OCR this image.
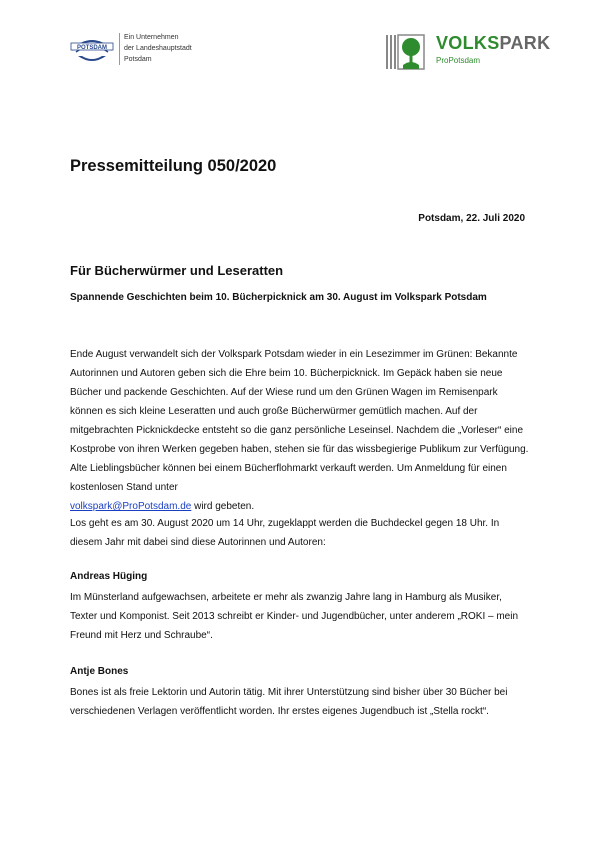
POTSDAM
Ein Unternehmen
der Landeshauptstadt
Potsdam
VOLKSPARK
ProPotsdam
Pressemitteilung 050/2020
Potsdam, 22. Juli 2020
Für Bücherwürmer und Leseratten
Spannende Geschichten beim 10. Bücherpicknick am 30. August im Volkspark Potsdam
Ende August verwandelt sich der Volkspark Potsdam wieder in ein Lesezimmer im Grünen: Bekannte Autorinnen und Autoren geben sich die Ehre beim 10. Bücherpicknick. Im Gepäck haben sie neue Bücher und packende Geschichten. Auf der Wiese rund um den Grünen Wagen im Remisenpark können es sich kleine Leseratten und auch große Bücherwürmer gemütlich machen. Auf der mitgebrachten Picknickdecke entsteht so die ganz persönliche Leseinsel. Nachdem die „Vorleser“ eine Kostprobe von ihren Werken gegeben haben, stehen sie für das wissbegierige Publikum zur Verfügung. Alte Lieblingsbücher können bei einem Bücherflohmarkt verkauft werden. Um Anmeldung für einen kostenlosen Stand unter
volkspark@ProPotsdam.de wird gebeten.
Los geht es am 30. August 2020 um 14 Uhr, zugeklappt werden die Buchdeckel gegen 18 Uhr. In diesem Jahr mit dabei sind diese Autorinnen und Autoren:
Andreas Hüging
Im Münsterland aufgewachsen, arbeitete er mehr als zwanzig Jahre lang in Hamburg als Musiker, Texter und Komponist. Seit 2013 schreibt er Kinder- und Jugendbücher, unter anderem „ROKI – mein Freund mit Herz und Schraube“.
Antje Bones
Bones ist als freie Lektorin und Autorin tätig. Mit ihrer Unterstützung sind bisher über 30 Bücher bei verschiedenen Verlagen veröffentlicht worden. Ihr erstes eigenes Jugendbuch ist „Stella rockt“.
